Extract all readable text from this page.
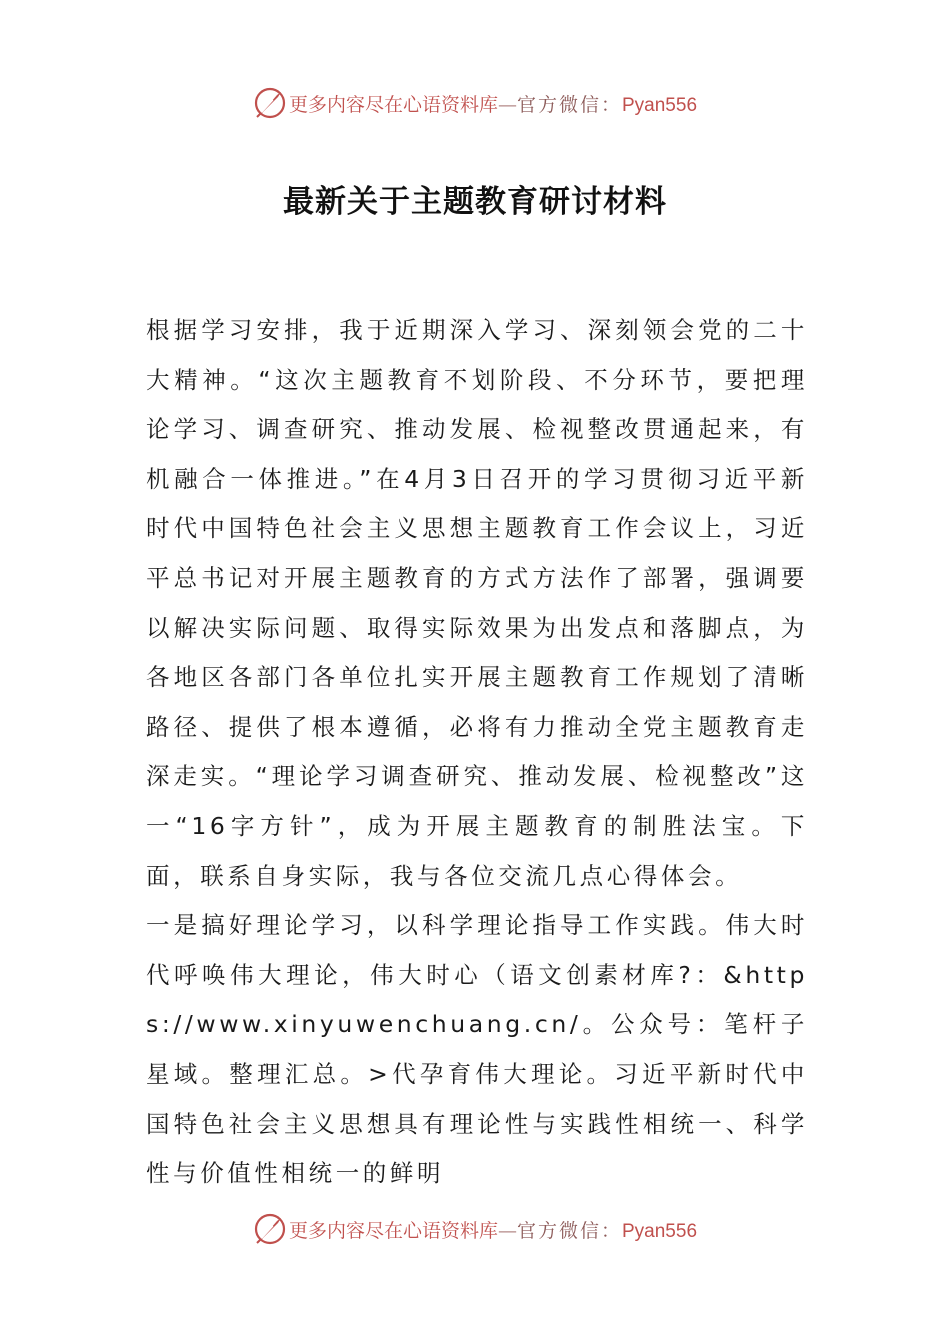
更多内容尽在心语资料库—官方微信：Pyan556
最新关于主题教育研讨材料

根据学习安排，我于近期深入学习、深刻领会党的二十大精神。“这次主题教育不划阶段、不分环节，要把理论学习、调查研究、推动发展、检视整改贯通起来，有机融合一体推进。”在4月3日召开的学习贯彻习近平新时代中国特色社会主义思想主题教育工作会议上，习近平总书记对开展主题教育的方式方法作了部署，强调要以解决实际问题、取得实际效果为出发点和落脚点，为各地区各部门各单位扎实开展主题教育工作规划了清晰路径、提供了根本遵循，必将有力推动全党主题教育走深走实。“理论学习调查研究、推动发展、检视整改”这一“16字方针”，成为开展主题教育的制胜法宝。下面，联系自身实际，我与各位交流几点心得体会。

一是搞好理论学习，以科学理论指导工作实践。伟大时代呼唤伟大理论，伟大时心（语文创素材库?：&https://www.xinyuwenchuang.cn/。公众号：笔杆子星域。整理汇总。>代孕育伟大理论。习近平新时代中国特色社会主义思想具有理论性与实践性相统一、科学性与价值性相统一的鲜明

更多内容尽在心语资料库—官方微信：Pyan556
